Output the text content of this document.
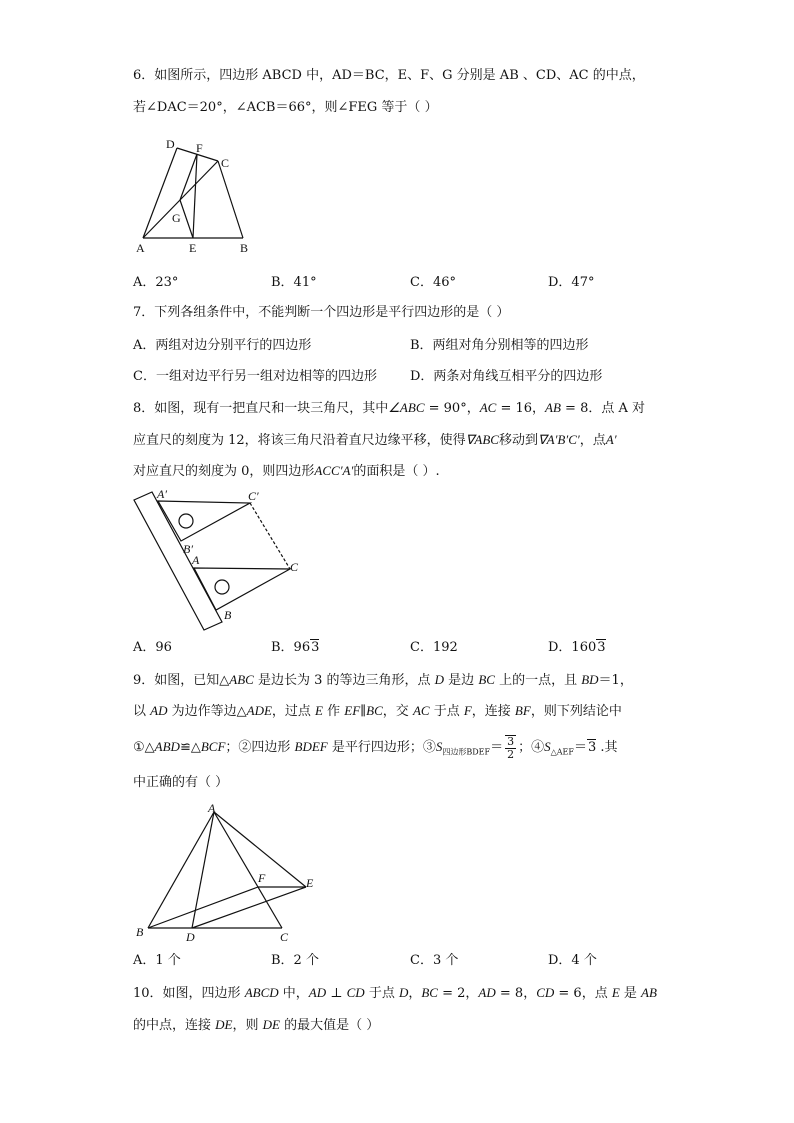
6．如图所示，四边形 ABCD 中，AD＝BC，E、F、G 分别是 AB 、CD、AC 的中点，
若∠DAC＝20°，∠ACB＝66°，则∠FEG 等于（ ）
D F
C
G
A	E	B
A．23°	B．41°	C．46°	D．47°
7．下列各组条件中，不能判断一个四边形是平行四边形的是（ ）
A．两组对边分别平行的四边形	B．两组对角分别相等的四边形
C．一组对边平行另一组对边相等的四边形	D．两条对角线互相平分的四边形
8．如图，现有一把直尺和一块三角尺，其中∠ABC = 90°，AC = 16，AB = 8．点 A 对
应直尺的刻度为 12，将该三角尺沿着直尺边缘平移，使得∇ABC移动到∇A′B′C′，点A′
对应直尺的刻度为 0，则四边形ACC′A′的面积是（ ）.
A′	C′
B′
A	C
B
A．96	B．963	C．192	D．1603
9．如图，已知△ABC 是边长为 3 的等边三角形，点 D 是边 BC 上的一点，且 BD＝1，
以 AD 为边作等边△ADE，过点 E 作 EF∥BC，交 AC 于点 F，连接 BF，则下列结论中
①△ABD≌△BCF；②四边形 BDEF 是平行四边形；$③S_{四边形BDEF}= \frac{3}{2}$ ；$④S_{\triangle AEF}=3$ .其
中正确的有（ ）
A
F	E
B	D	C
A．1 个	B．2 个	C．3 个	D．4 个
10．如图，四边形 ABCD 中，AD ⊥ CD 于点 D，BC = 2，AD = 8，CD = 6，点 E 是 AB
的中点，连接 DE，则 DE 的最大值是（ ）
